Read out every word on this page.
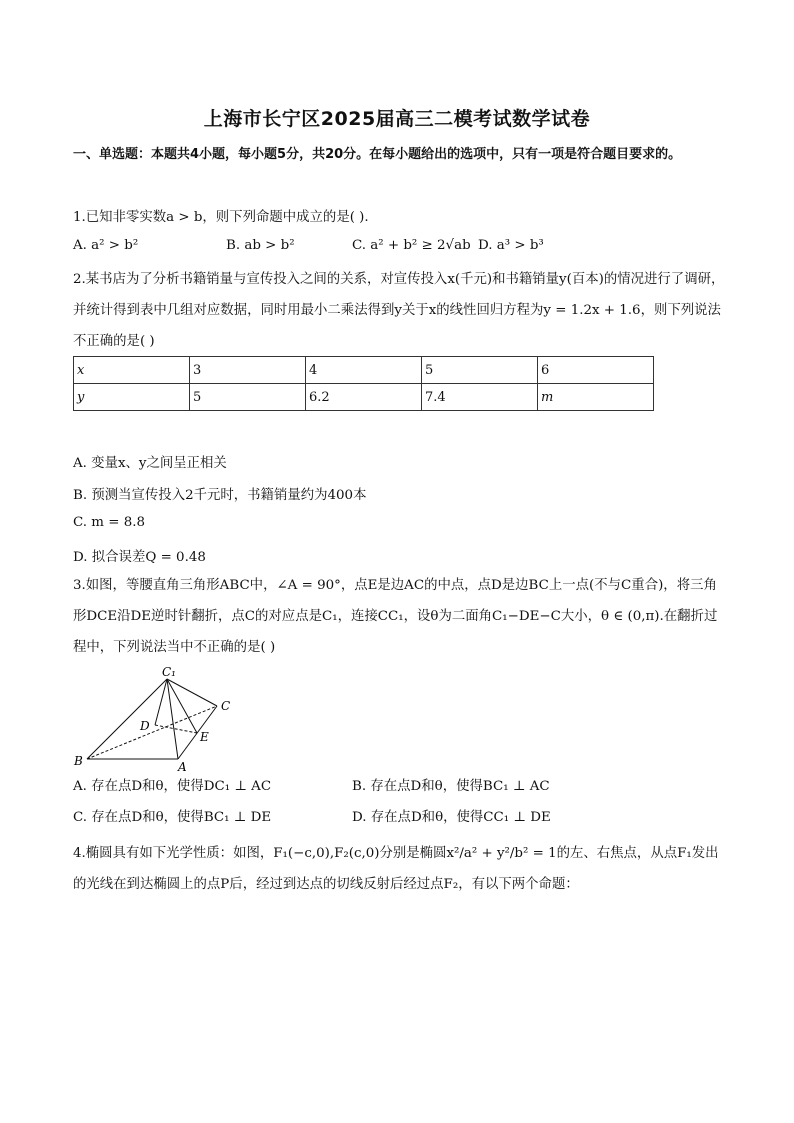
上海市长宁区2025届高三二模考试数学试卷
一、单选题：本题共4小题，每小题5分，共20分。在每小题给出的选项中，只有一项是符合题目要求的。
1.已知非零实数a > b，则下列命题中成立的是( ).
A. a² > b²	B. ab > b²	C. a² + b² ≥ 2√ab D. a³ > b³
2.某书店为了分析书籍销量与宣传投入之间的关系，对宣传投入x(千元)和书籍销量y(百本)的情况进行了调研，并统计得到表中几组对应数据，同时用最小二乘法得到y关于x的线性回归方程为y = 1.2x + 1.6，则下列说法不正确的是( )
x	3	4	5	6
y	5	6.2	7.4	m
A. 变量x、y之间呈正相关
B. 预测当宣传投入2千元时，书籍销量约为400本
C. m = 8.8
D. 拟合误差Q = 0.48
3.如图，等腰直角三角形ABC中，∠A = 90°，点E是边AC的中点，点D是边BC上一点(不与C重合)，将三角形DCE沿DE逆时针翻折，点C的对应点是C₁，连接CC₁，设θ为二面角C₁−DE−C大小，θ ∈ (0,π).在翻折过程中，下列说法当中不正确的是( )
C₁
C
D
E
B	A
A. 存在点D和θ，使得DC₁ ⊥ AC	B. 存在点D和θ，使得BC₁ ⊥ AC
C. 存在点D和θ，使得BC₁ ⊥ DE	D. 存在点D和θ，使得CC₁ ⊥ DE
4.椭圆具有如下光学性质：如图，F₁(−c,0),F₂(c,0)分别是椭圆x²/a² + y²/b² = 1的左、右焦点，从点F₁发出的光线在到达椭圆上的点P后，经过到达点的切线反射后经过点F₂，有以下两个命题：
